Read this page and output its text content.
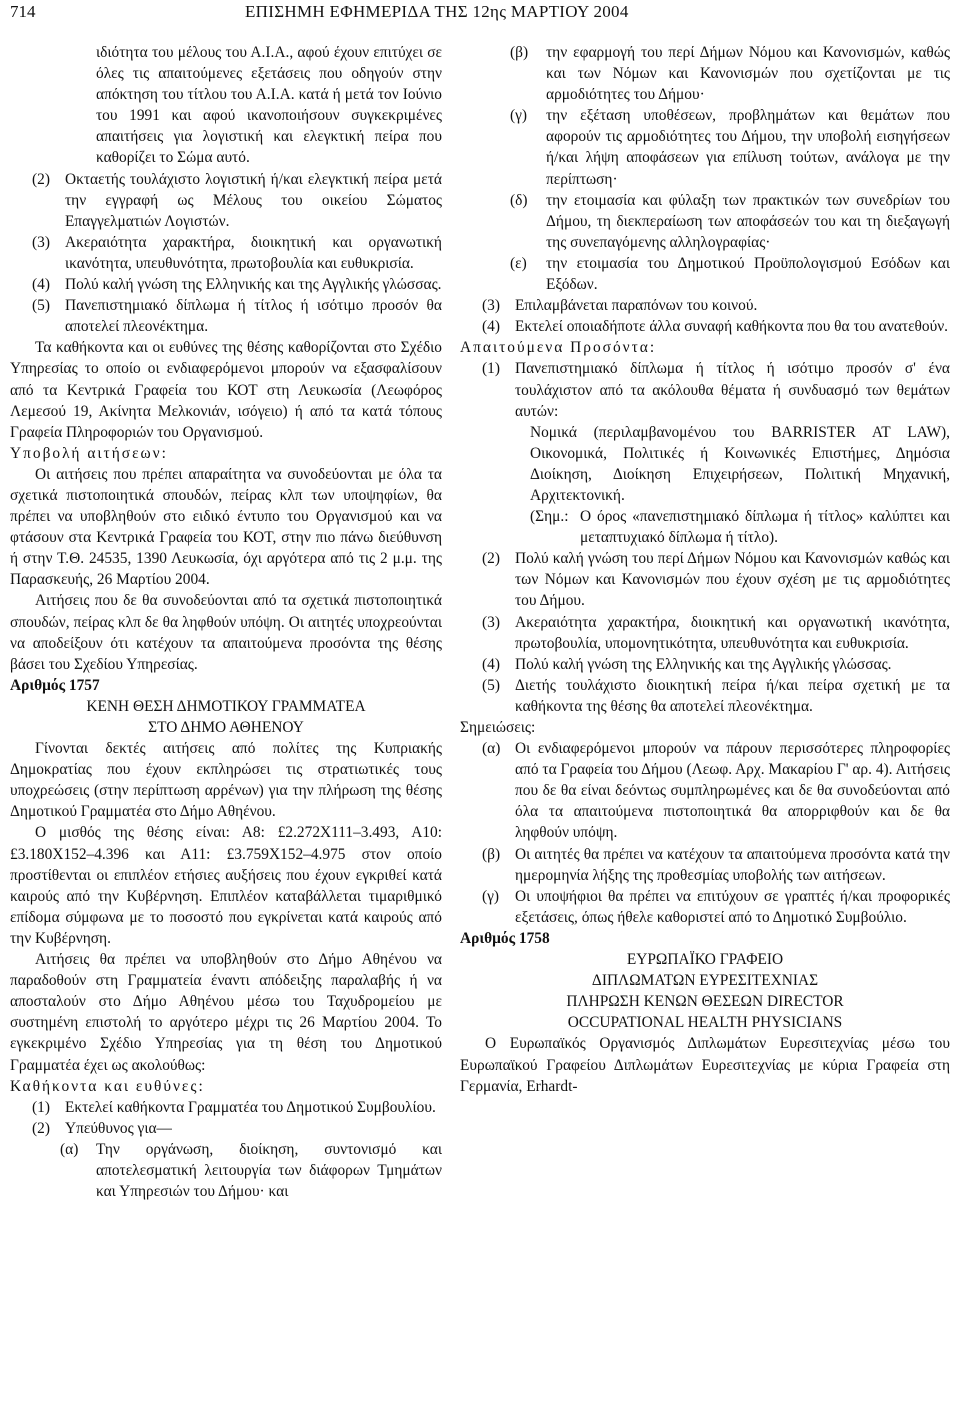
714	ΕΠΙΣΗΜΗ ΕΦΗΜΕΡΙΔΑ ΤΗΣ 12ης ΜΑΡΤΙΟΥ 2004

ιδιότητα του μέλους του Α.Ι.Α., αφού έχουν επιτύχει σε όλες τις απαιτούμενες εξετάσεις που οδηγούν στην απόκτηση του τίτλου του Α.Ι.Α. κατά ή μετά τον Ιούνιο του 1991 και αφού ικανοποιήσουν συγκεκριμένες απαιτήσεις για λογιστική και ελεγκτική πείρα που καθορίζει το Σώμα αυτό.

(2) Οκταετής τουλάχιστο λογιστική ή/και ελεγκτική πείρα μετά την εγγραφή ως Μέλους του οικείου Σώματος Επαγγελματιών Λογιστών.
(3) Ακεραιότητα χαρακτήρα, διοικητική και οργανωτική ικανότητα, υπευθυνότητα, πρωτοβουλία και ευθυκρισία.
(4) Πολύ καλή γνώση της Ελληνικής και της Αγγλικής γλώσσας.
(5) Πανεπιστημιακό δίπλωμα ή τίτλος ή ισότιμο προσόν θα αποτελεί πλεονέκτημα.

Τα καθήκοντα και οι ευθύνες της θέσης καθορίζονται στο Σχέδιο Υπηρεσίας το οποίο οι ενδιαφερόμενοι μπορούν να εξασφαλίσουν από τα Κεντρικά Γραφεία του ΚΟΤ στη Λευκωσία (Λεωφόρος Λεμεσού 19, Ακίνητα Μελκονιάν, ισόγειο) ή από τα κατά τόπους Γραφεία Πληροφοριών του Οργανισμού.

Υποβολή αιτήσεων:

Οι αιτήσεις που πρέπει απαραίτητα να συνοδεύονται με όλα τα σχετικά πιστοποιητικά σπουδών, πείρας κλπ των υποψηφίων, θα πρέπει να υποβληθούν στο ειδικό έντυπο του Οργανισμού και να φτάσουν στα Κεντρικά Γραφεία του ΚΟΤ, στην πιο πάνω διεύθυνση ή στην Τ.Θ. 24535, 1390 Λευκωσία, όχι αργότερα από τις 2 μ.μ. της Παρασκευής, 26 Μαρτίου 2004.

Αιτήσεις που δε θα συνοδεύονται από τα σχετικά πιστοποιητικά σπουδών, πείρας κλπ δε θα ληφθούν υπόψη. Οι αιτητές υποχρεούνται να αποδείξουν ότι κατέχουν τα απαιτούμενα προσόντα της θέσης βάσει του Σχεδίου Υπηρεσίας.

Αριθμός 1757

ΚΕΝΗ ΘΕΣΗ ΔΗΜΟΤΙΚΟΥ ΓΡΑΜΜΑΤΕΑ

ΣΤΟ ΔΗΜΟ ΑΘΗΕΝΟΥ

Γίνονται δεκτές αιτήσεις από πολίτες της Κυπριακής Δημοκρατίας που έχουν εκπληρώσει τις στρατιωτικές τους υποχρεώσεις (στην περίπτωση αρρένων) για την πλήρωση της θέσης Δημοτικού Γραμματέα στο Δήμο Αθηένου.

Ο μισθός της θέσης είναι: Α8: £2.272Χ111–3.493, Α10: £3.180Χ152–4.396 και Α11: £3.759Χ152–4.975 στον οποίο προστίθενται οι επιπλέον ετήσιες αυξήσεις που έχουν εγκριθεί κατά καιρούς από την Κυβέρνηση. Επιπλέον καταβάλλεται τιμαριθμικό επίδομα σύμφωνα με το ποσοστό που εγκρίνεται κατά καιρούς από την Κυβέρνηση.

Αιτήσεις θα πρέπει να υποβληθούν στο Δήμο Αθηένου να παραδοθούν στη Γραμματεία έναντι απόδειξης παραλαβής ή να αποσταλούν στο Δήμο Αθηένου μέσω του Ταχυδρομείου με συστημένη επιστολή το αργότερο μέχρι τις 26 Μαρτίου 2004. Το εγκεκριμένο Σχέδιο Υπηρεσίας για τη θέση του Δημοτικού Γραμματέα έχει ως ακολούθως:

Καθήκοντα και ευθύνες:

(1) Εκτελεί καθήκοντα Γραμματέα του Δημοτικού Συμβουλίου.
(2) Υπεύθυνος για—
(α)	Την οργάνωση, διοίκηση, συντονισμό και αποτελεσματική λειτουργία των διάφορων Τμημάτων και Υπηρεσιών του Δήμου· και
(β)	την εφαρμογή του περί Δήμων Νόμου και Κανονισμών, καθώς και των Νόμων και Κανονισμών που σχετίζονται με τις αρμοδιότητες του Δήμου·
(γ)	την εξέταση υποθέσεων, προβλημάτων και θεμάτων που αφορούν τις αρμοδιότητες του Δήμου, την υποβολή εισηγήσεων ή/και λήψη αποφάσεων για επίλυση τούτων, ανάλογα με την περίπτωση·
(δ)	την ετοιμασία και φύλαξη των πρακτικών των συνεδρίων του Δήμου, τη διεκπεραίωση των αποφάσεών του και τη διεξαγωγή της συνεπαγόμενης αλληλογραφίας·
(ε)	την ετοιμασία του Δημοτικού Προϋπολογισμού Εσόδων και Εξόδων.
(3) Επιλαμβάνεται παραπόνων του κοινού.
(4) Εκτελεί οποιαδήποτε άλλα συναφή καθήκοντα που θα του ανατεθούν.

Απαιτούμενα Προσόντα:

(1) Πανεπιστημιακό δίπλωμα ή τίτλος ή ισότιμο προσόν σ' ένα τουλάχιστον από τα ακόλουθα θέματα ή συνδυασμό των θεμάτων αυτών:

Νομικά (περιλαμβανομένου του BARRISTER AT LAW), Οικονομικά, Πολιτικές ή Κοινωνικές Επιστήμες, Δημόσια Διοίκηση, Διοίκηση Επιχειρήσεων, Πολιτική Μηχανική, Αρχιτεκτονική.

(Σημ.: Ο όρος «πανεπιστημιακό δίπλωμα ή τίτλος» καλύπτει και μεταπτυχιακό δίπλωμα ή τίτλο).
(2) Πολύ καλή γνώση του περί Δήμων Νόμου και Κανονισμών καθώς και των Νόμων και Κανονισμών που έχουν σχέση με τις αρμοδιότητες του Δήμου.
(3) Ακεραιότητα χαρακτήρα, διοικητική και οργανωτική ικανότητα, πρωτοβουλία, υπομονητικότητα, υπευθυνότητα και ευθυκρισία.
(4) Πολύ καλή γνώση της Ελληνικής και της Αγγλικής γλώσσας.
(5) Διετής τουλάχιστο διοικητική πείρα ή/και πείρα σχετική με τα καθήκοντα της θέσης θα αποτελεί πλεονέκτημα.

Σημειώσεις:

(α) Οι ενδιαφερόμενοι μπορούν να πάρουν περισσότερες πληροφορίες από τα Γραφεία του Δήμου (Λεωφ. Αρχ. Μακαρίου Γ' αρ. 4). Αιτήσεις που δε θα είναι δεόντως συμπληρωμένες και δε θα συνοδεύονται από όλα τα απαιτούμενα πιστοποιητικά θα απορριφθούν και δε θα ληφθούν υπόψη.
(β) Οι αιτητές θα πρέπει να κατέχουν τα απαιτούμενα προσόντα κατά την ημερομηνία λήξης της προθεσμίας υποβολής των αιτήσεων.
(γ)	Οι υποψήφιοι θα πρέπει να επιτύχουν σε γραπτές ή/και προφορικές εξετάσεις, όπως ήθελε καθοριστεί από το Δημοτικό Συμβούλιο.

Αριθμός 1758

ΕΥΡΩΠΑΪΚΟ ΓΡΑΦΕΙΟ

ΔΙΠΛΩΜΑΤΩΝ ΕΥΡΕΣΙΤΕΧΝΙΑΣ

ΠΛΗΡΩΣΗ ΚΕΝΩΝ ΘΕΣΕΩΝ DIRECTOR

OCCUPATIONAL HEALTH PHYSICIANS

Ο Ευρωπαϊκός Οργανισμός Διπλωμάτων Ευρεσιτεχνίας μέσω του Ευρωπαϊκού Γραφείου Διπλωμάτων Ευρεσιτεχνίας με κύρια Γραφεία στη Γερμανία, Erhardt-
